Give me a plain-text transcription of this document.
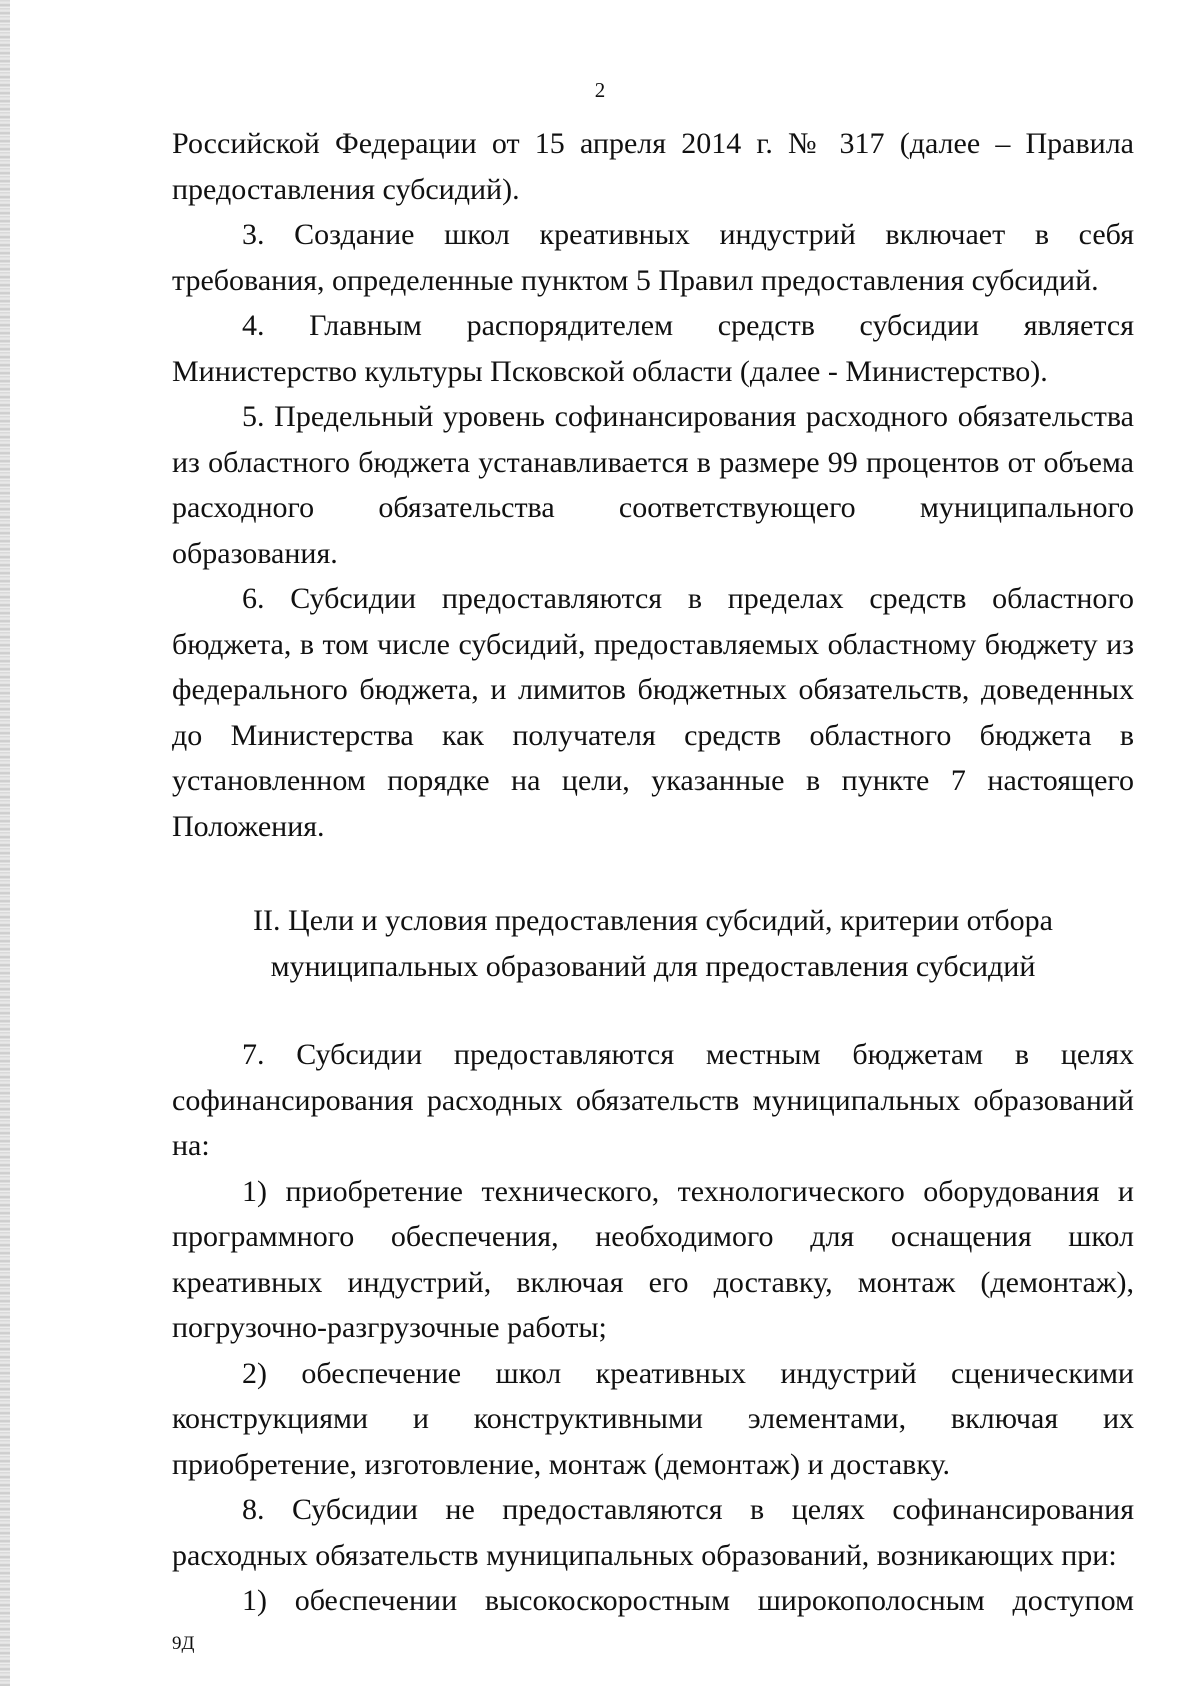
2

Российской Федерации от 15 апреля 2014 г. № 317 (далее – Правила предоставления субсидий).

3. Создание школ креативных индустрий включает в себя требования, определенные пунктом 5 Правил предоставления субсидий.

4. Главным распорядителем средств субсидии является Министерство культуры Псковской области (далее - Министерство).

5. Предельный уровень софинансирования расходного обязательства из областного бюджета устанавливается в размере 99 процентов от объема расходного обязательства соответствующего муниципального образования.

6. Субсидии предоставляются в пределах средств областного бюджета, в том числе субсидий, предоставляемых областному бюджету из федерального бюджета, и лимитов бюджетных обязательств, доведенных до Министерства как получателя средств областного бюджета в установленном порядке на цели, указанные в пункте 7 настоящего Положения.

II. Цели и условия предоставления субсидий, критерии отбора

муниципальных образований для предоставления субсидий

7. Субсидии предоставляются местным бюджетам в целях софинансирования расходных обязательств муниципальных образований на:

1) приобретение технического, технологического оборудования и программного обеспечения, необходимого для оснащения школ креативных индустрий, включая его доставку, монтаж (демонтаж), погрузочно-разгрузочные работы;

2) обеспечение школ креативных индустрий сценическими конструкциями и конструктивными элементами, включая их приобретение, изготовление, монтаж (демонтаж) и доставку.

8. Субсидии не предоставляются в целях софинансирования расходных обязательств муниципальных образований, возникающих при:

1) обеспечении высокоскоростным широкополосным доступом

9Д
